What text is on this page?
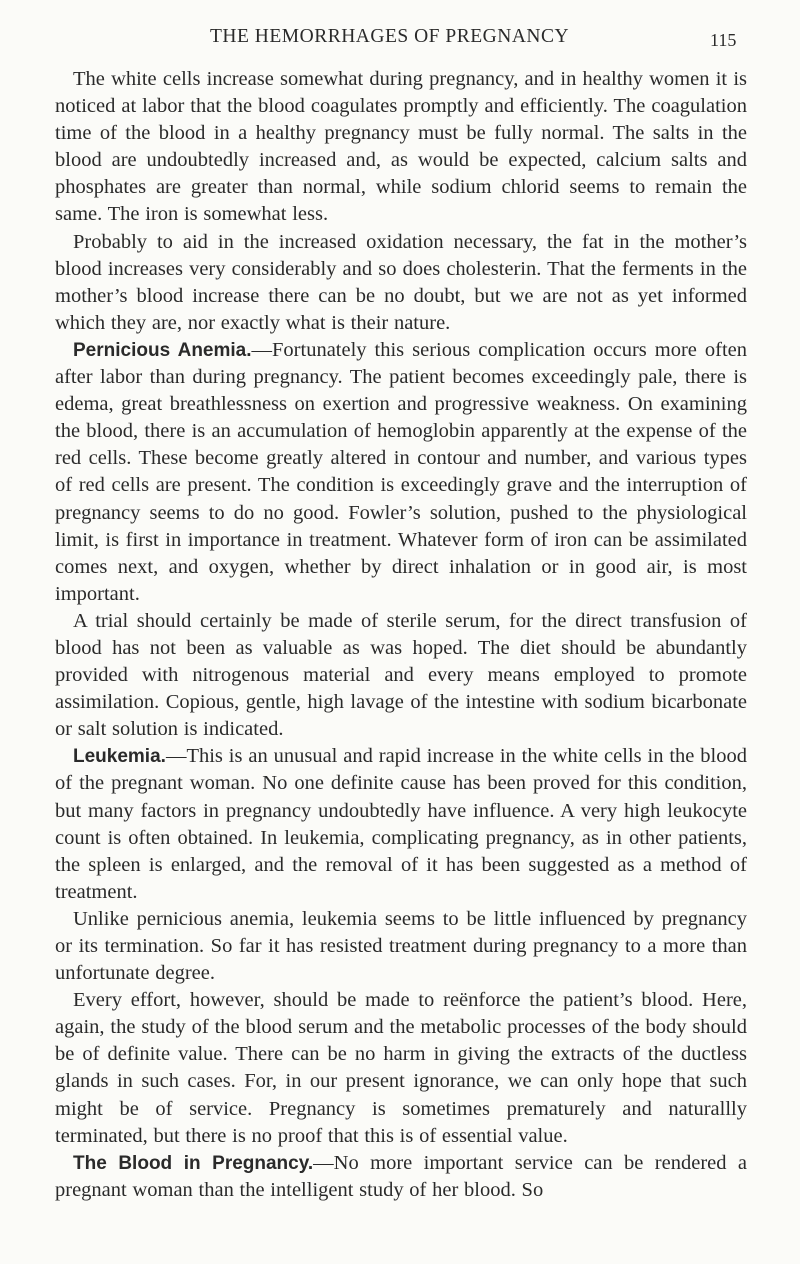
THE HEMORRHAGES OF PREGNANCY	115

The white cells increase somewhat during pregnancy, and in healthy women it is noticed at labor that the blood coagulates promptly and efficiently. The coagulation time of the blood in a healthy pregnancy must be fully normal. The salts in the blood are undoubtedly increased and, as would be expected, calcium salts and phosphates are greater than normal, while sodium chlorid seems to remain the same. The iron is somewhat less.

Probably to aid in the increased oxidation necessary, the fat in the mother’s blood increases very considerably and so does cholesterin. That the ferments in the mother’s blood increase there can be no doubt, but we are not as yet informed which they are, nor exactly what is their nature.

Pernicious Anemia.—Fortunately this serious complication occurs more often after labor than during pregnancy. The patient becomes exceedingly pale, there is edema, great breathlessness on exertion and progressive weakness. On examining the blood, there is an accumulation of hemoglobin apparently at the expense of the red cells. These become greatly altered in contour and number, and various types of red cells are present. The condition is exceedingly grave and the interruption of pregnancy seems to do no good. Fowler’s solution, pushed to the physiological limit, is first in importance in treatment. Whatever form of iron can be assimilated comes next, and oxygen, whether by direct inhalation or in good air, is most important.

A trial should certainly be made of sterile serum, for the direct transfusion of blood has not been as valuable as was hoped. The diet should be abundantly provided with nitrogenous material and every means employed to promote assimilation. Copious, gentle, high lavage of the intestine with sodium bicarbonate or salt solution is indicated.

Leukemia.—This is an unusual and rapid increase in the white cells in the blood of the pregnant woman. No one definite cause has been proved for this condition, but many factors in pregnancy undoubtedly have influence. A very high leukocyte count is often obtained. In leukemia, complicating pregnancy, as in other patients, the spleen is enlarged, and the removal of it has been suggested as a method of treatment.

Unlike pernicious anemia, leukemia seems to be little influenced by pregnancy or its termination. So far it has resisted treatment during pregnancy to a more than unfortunate degree.

Every effort, however, should be made to reënforce the patient’s blood. Here, again, the study of the blood serum and the metabolic processes of the body should be of definite value. There can be no harm in giving the extracts of the ductless glands in such cases. For, in our present ignorance, we can only hope that such might be of service. Pregnancy is sometimes prematurely and naturallly terminated, but there is no proof that this is of essential value.

The Blood in Pregnancy.—No more important service can be rendered a pregnant woman than the intelligent study of her blood. So
